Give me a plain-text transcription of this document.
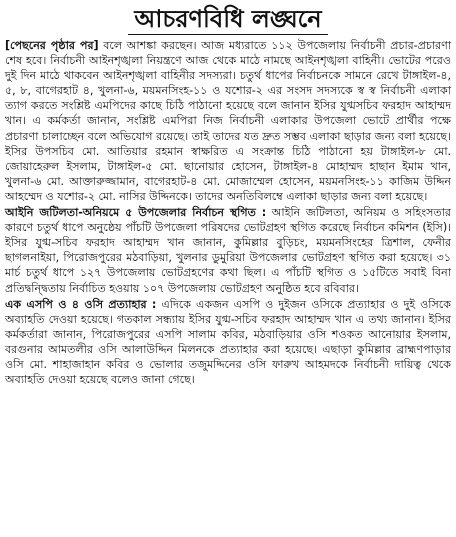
আচরণবিধি লঙ্ঘনে

[পেছনের পৃষ্ঠার পর] বলে আশঙ্কা করছেন। আজ মধ্যরাতে ১১২ উপজেলায় নির্বাচনী প্রচার-প্রচারণা শেষ হবে। নির্বাচনী আইনশৃঙ্খলা নিয়ন্ত্রণে আজ থেকে মাঠে নামছে আইনশৃঙ্খলা বাহিনী। ভোটের পরেও দুই দিন মাঠে থাকবেন আইনশৃঙ্খলা বাহিনীর সদস্যরা। চতুর্থ ধাপের নির্বাচনকে সামনে রেখে টাঙ্গাইল-৪, ৫, ৮, বাগেরহাট ৪, খুলনা-৬, ময়মনসিংহ-১১ ও যশোর-২ এর সংসদ সদস্যকে স্ব স্ব নির্বাচনী এলাকা ত্যাগ করতে সংশ্লিষ্ট এমপিদের কাছে চিঠি পাঠানো হয়েছে বলে জানান ইসির যুগ্মসচিব ফরহাদ আহাম্মদ খান। এ কর্মকর্তা জানান, সংশ্লিষ্ট এমপিরা নিজ নির্বাচনী এলাকার উপজেলা ভোটে প্রার্থীর পক্ষে প্রচারণা চালাচ্ছেন বলে অভিযোগ রয়েছে। তাই তাদের যত দ্রুত সম্ভব এলাকা ছাড়ার জন্য বলা হয়েছে। ইসির উপসচিব মো. আতিয়ার রহমান স্বাক্ষরিত এ সংক্রান্ত চিঠি পাঠানো হয় টাঙ্গাইল-৮ মো. জোয়াহেরুল ইসলাম, টাঙ্গাইল-৫ মো. ছানোয়ার হোসেন, টাঙ্গাইল-৪ মোহাম্মদ হাছান ইমাম খান, খুলনা-৬ মো. আক্তারুজ্জামান, বাগেরহাট-৪ মো. মোজাম্মেল হোসেন, ময়মনসিংহ-১১ কাজিম উদ্দিন আহম্মেদ ও যশোর-২ মো. নাসির উদ্দিনকে। তাদের অনতিবিলম্বে এলাকা ছাড়ার জন্য বলা হয়েছে।

আইনি জটিলতা-অনিয়মে ৫ উপজেলার নির্বাচন স্থগিত : আইনি জটিলতা, অনিয়ম ও সহিংসতার কারণে চতুর্থ ধাপে অনুষ্ঠেয় পাঁচটি উপজেলা পরিষদের ভোটগ্রহণ স্থগিত করেছে নির্বাচন কমিশন (ইসি)। ইসির যুগ্ম-সচিব ফরহাদ আহাম্মদ খান জানান, কুমিল্লার বুড়িচং, ময়মনসিংহের ত্রিশাল, ফেনীর ছাগলনাইয়া, পিরোজপুরের মঠবাড়িয়া, খুলনার ডুমুরিয়া উপজেলার ভোটগ্রহণ স্থগিত করা হয়েছে। ৩১ মার্চ চতুর্থ ধাপে ১২৭ উপজেলায় ভোটগ্রহণের কথা ছিল। এ পাঁচটি স্থগিত ও ১৫টিতে সবাই বিনা প্রতিদ্বন্দ্বিতায় নির্বাচিত হওয়ায় ১০৭ উপজেলায় ভোটগ্রহণ অনুষ্ঠিত হবে রবিবার।

এক এসপি ও ৪ ওসি প্রত্যাহার : এদিকে একজন এসপি ও দুইজন ওসিকে প্রত্যাহার ও দুই ওসিকে অব্যাহতি দেওয়া হয়েছে। গতকাল সন্ধ্যায় ইসির যুগ্ম-সচিব ফরহাদ আহাম্মদ খান এ তথ্য জানান। ইসির কর্মকর্তারা জানান, পিরোজপুরের এসপি সালাম কবির, মঠবাড়িয়ার ওসি শওকত আনোয়ার ইসলাম, বরগুনার আমতলীর ওসি আলাউদ্দিন মিলনকে প্রত্যাহার করা হয়েছে। এছাড়া কুমিল্লার ব্রাহ্মণপাড়ার ওসি মো. শাহাজাহান কবির ও ভোলার তজুমদ্দিনের ওসি ফারুখ আহমদকে নির্বাচনী দায়িত্ব থেকে অব্যাহতি দেওয়া হয়েছে বলেও জানা গেছে।
